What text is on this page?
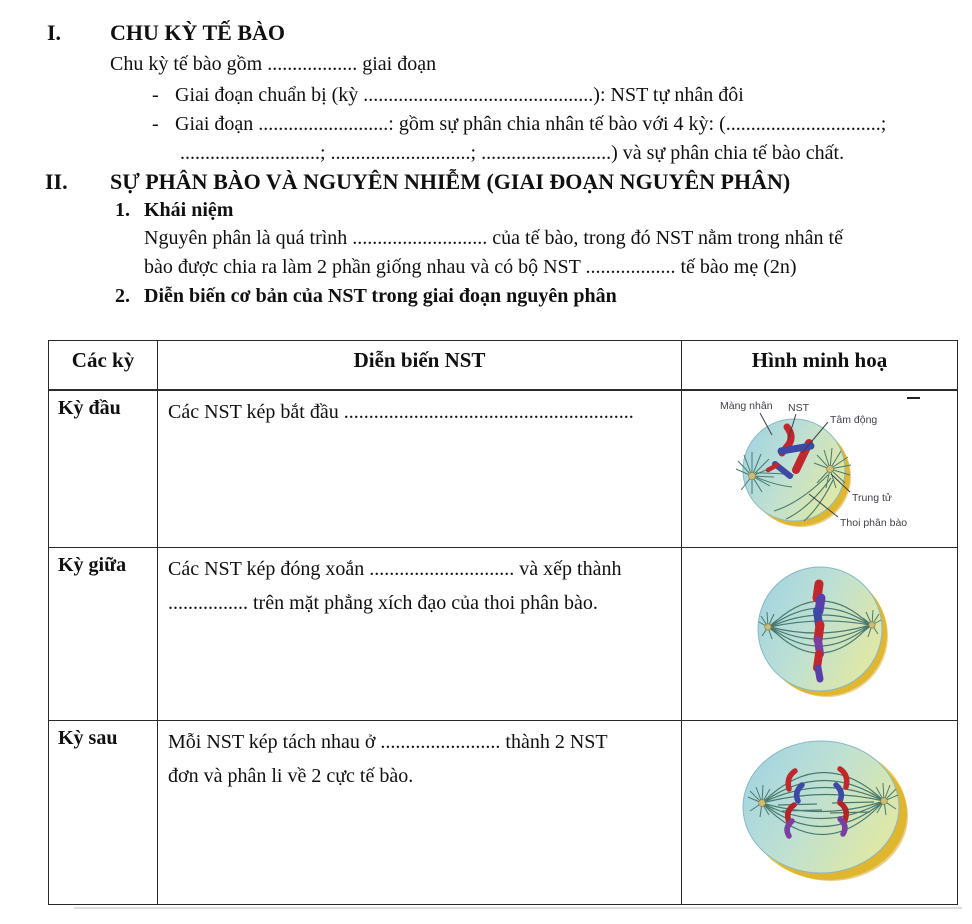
I. CHU KỲ TẾ BÀO
Chu kỳ tế bào gồm .................. giai đoạn
- Giai đoạn chuẩn bị (kỳ ..............................................): NST tự nhân đôi
- Giai đoạn ..........................: gồm sự phân chia nhân tế bào với 4 kỳ: (...............................;
............................; ............................; ..........................) và sự phân chia tế bào chất.
II. SỰ PHÂN BÀO VÀ NGUYÊN NHIỄM (GIAI ĐOẠN NGUYÊN PHÂN)
1. Khái niệm
Nguyên phân là quá trình ........................... của tế bào, trong đó NST nằm trong nhân tế
bào được chia ra làm 2 phần giống nhau và có bộ NST .................. tế bào mẹ (2n)
2. Diễn biến cơ bản của NST trong giai đoạn nguyên phân
Các kỳ	Diễn biến NST	Hình minh hoạ
Kỳ đầu	Các NST kép bắt đầu ..........................................................	Màng nhân NST
Tâm động
Trung tử
Thoi phân bào

Kỳ giữa	Các NST kép đóng xoắn ............................. và xếp thành
................ trên mặt phẳng xích đạo của thoi phân bào.

Kỳ sau	Mỗi NST kép tách nhau ở ........................ thành 2 NST
đơn và phân li về 2 cực tế bào.
